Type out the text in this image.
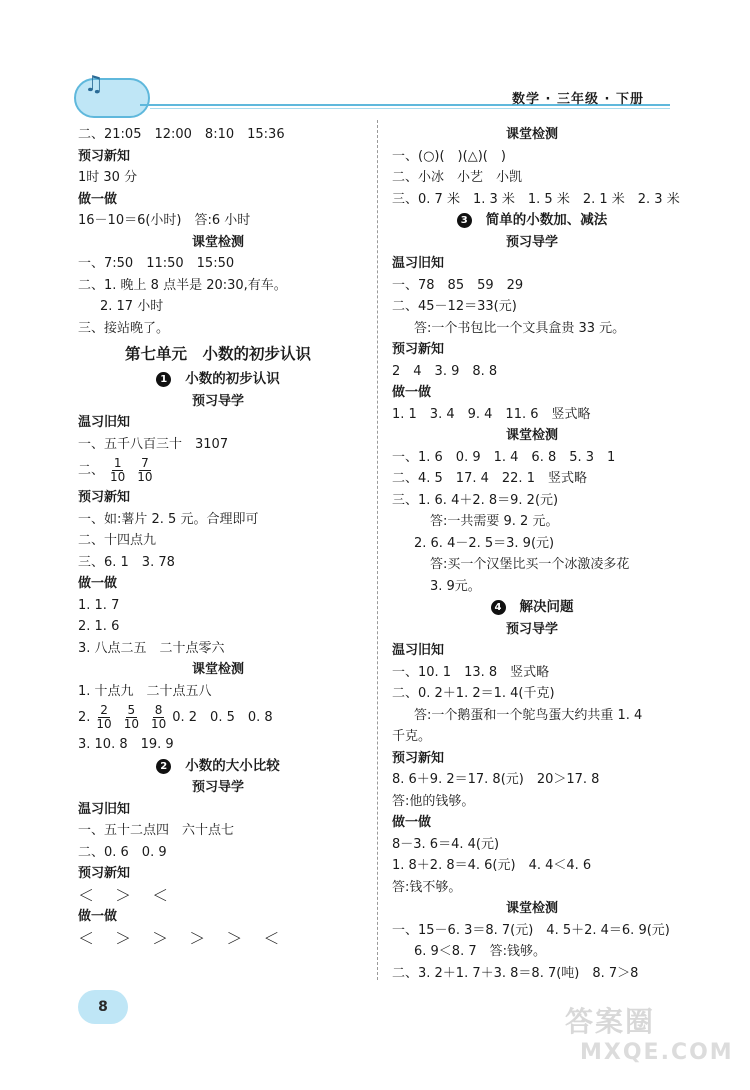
♫
数学 · 三年级 · 下册
二、21:05　12:00　8:10　15:36
预习新知
1时 30 分
做一做
16－10＝6(小时)　答:6 小时
课堂检测
一、7:50　11:50　15:50
二、1. 晚上 8 点半是 20:30,有车。
2. 17 小时
三、接站晚了。
第七单元　小数的初步认识
1 小数的初步认识
预习导学
温习旧知
一、五千八百三十　3107
二、 $\frac{1}{10} \frac{7}{10}$
预习新知
一、如:薯片 2. 5 元。合理即可
二、十四点九
三、6. 1　3. 78
做一做
1. 1. 7
2. 1. 6
3. 八点二五　二十点零六
课堂检测
1. 十点九　二十点五八
2. $\frac{2}{10} \frac{5}{10} \frac{8}{10} 0$. 2　0. 5　0. 8
3. 10. 8　19. 9
2 小数的大小比较
预习导学
温习旧知
一、五十二点四　六十点七
二、0. 6　0. 9
预习新知
＜ ＞ ＜
做一做
＜ ＞ ＞ ＞ ＞ ＜
课堂检测
一、(○)(　)(△)(　)
二、小冰　小艺　小凯
三、0. 7 米　1. 3 米　1. 5 米　2. 1 米　2. 3 米
3 简单的小数加、减法
预习导学
温习旧知
一、78　85　59　29
二、45－12＝33(元)
答:一个书包比一个文具盒贵 33 元。
预习新知
2　4　3. 9　8. 8
做一做
1. 1　3. 4　9. 4　11. 6　竖式略
课堂检测
一、1. 6　0. 9　1. 4　6. 8　5. 3　1
二、4. 5　17. 4　22. 1　竖式略
三、1. 6. 4＋2. 8＝9. 2(元)
答:一共需要 9. 2 元。
2. 6. 4－2. 5＝3. 9(元)
答:买一个汉堡比买一个冰激凌多花
3. 9元。
4 解决问题
预习导学
温习旧知
一、10. 1　13. 8　竖式略
二、0. 2＋1. 2＝1. 4(千克)
答:一个鹅蛋和一个鸵鸟蛋大约共重 1. 4
千克。
预习新知
8. 6＋9. 2＝17. 8(元)　20＞17. 8
答:他的钱够。
做一做
8－3. 6＝4. 4(元)
1. 8＋2. 8＝4. 6(元)　4. 4＜4. 6
答:钱不够。
课堂检测
一、15－6. 3＝8. 7(元)　4. 5＋2. 4＝6. 9(元)
6. 9＜8. 7　答:钱够。
二、3. 2＋1. 7＋3. 8＝8. 7(吨)　8. 7＞8
8	答案圈
MXQE.COM
